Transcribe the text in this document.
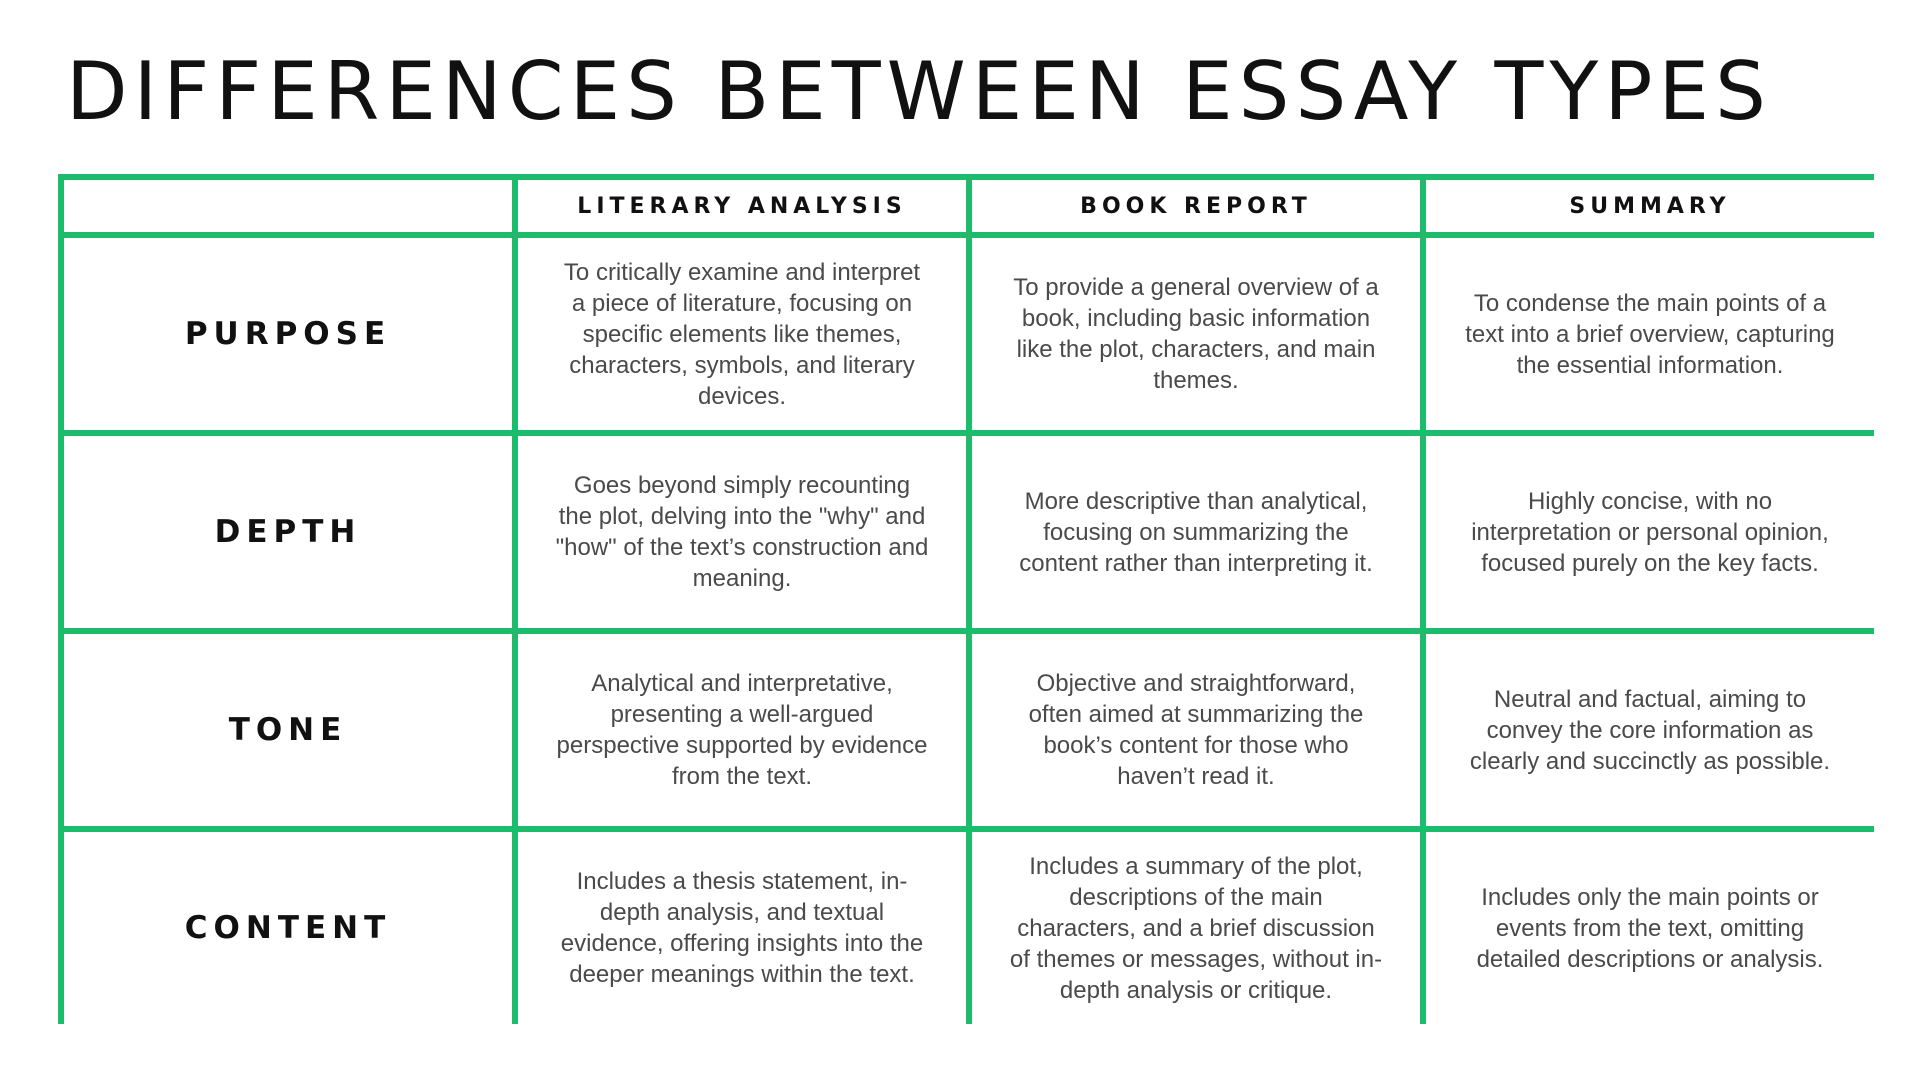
DIFFERENCES BETWEEN ESSAY TYPES
LITERARY ANALYSIS	BOOK REPORT	SUMMARY
PURPOSE
To critically examine and interpret a piece of literature, focusing on specific elements like themes, characters, symbols, and literary devices.
To provide a general overview of a book, including basic information like the plot, characters, and main themes.
To condense the main points of a text into a brief overview, capturing the essential information.
DEPTH
Goes beyond simply recounting the plot, delving into the "why" and "how" of the text’s construction and meaning.
More descriptive than analytical, focusing on summarizing the content rather than interpreting it.
Highly concise, with no interpretation or personal opinion, focused purely on the key facts.
TONE
Analytical and interpretative, presenting a well-argued perspective supported by evidence from the text.
Objective and straightforward, often aimed at summarizing the book’s content for those who haven’t read it.
Neutral and factual, aiming to convey the core information as clearly and succinctly as possible.
CONTENT
Includes a thesis statement, in-depth analysis, and textual evidence, offering insights into the deeper meanings within the text.
Includes a summary of the plot, descriptions of the main characters, and a brief discussion of themes or messages, without in-depth analysis or critique.
Includes only the main points or events from the text, omitting detailed descriptions or analysis.
